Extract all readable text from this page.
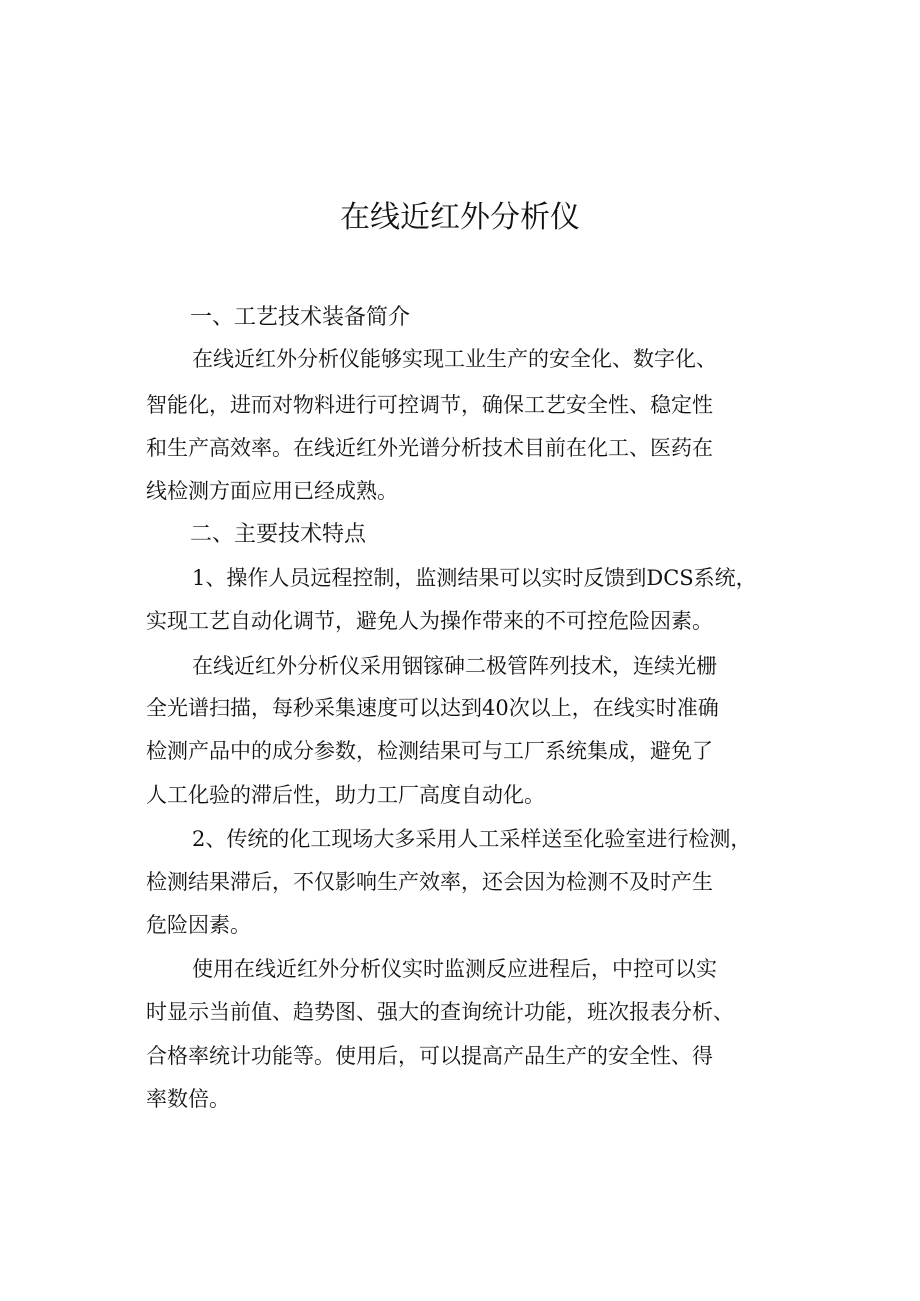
在线近红外分析仪
一、工艺技术装备简介
在线近红外分析仪能够实现工业生产的安全化、数字化、
智能化，进而对物料进行可控调节，确保工艺安全性、稳定性
和生产高效率。在线近红外光谱分析技术目前在化工、医药在
线检测方面应用已经成熟。
二、主要技术特点
1、操作人员远程控制，监测结果可以实时反馈到DCS系统，
实现工艺自动化调节，避免人为操作带来的不可控危险因素。
在线近红外分析仪采用铟镓砷二极管阵列技术，连续光栅
全光谱扫描，每秒采集速度可以达到40次以上，在线实时准确
检测产品中的成分参数，检测结果可与工厂系统集成，避免了
人工化验的滞后性，助力工厂高度自动化。
2、传统的化工现场大多采用人工采样送至化验室进行检测，
检测结果滞后，不仅影响生产效率，还会因为检测不及时产生
危险因素。
使用在线近红外分析仪实时监测反应进程后，中控可以实
时显示当前值、趋势图、强大的查询统计功能，班次报表分析、
合格率统计功能等。使用后，可以提高产品生产的安全性、得
率数倍。
